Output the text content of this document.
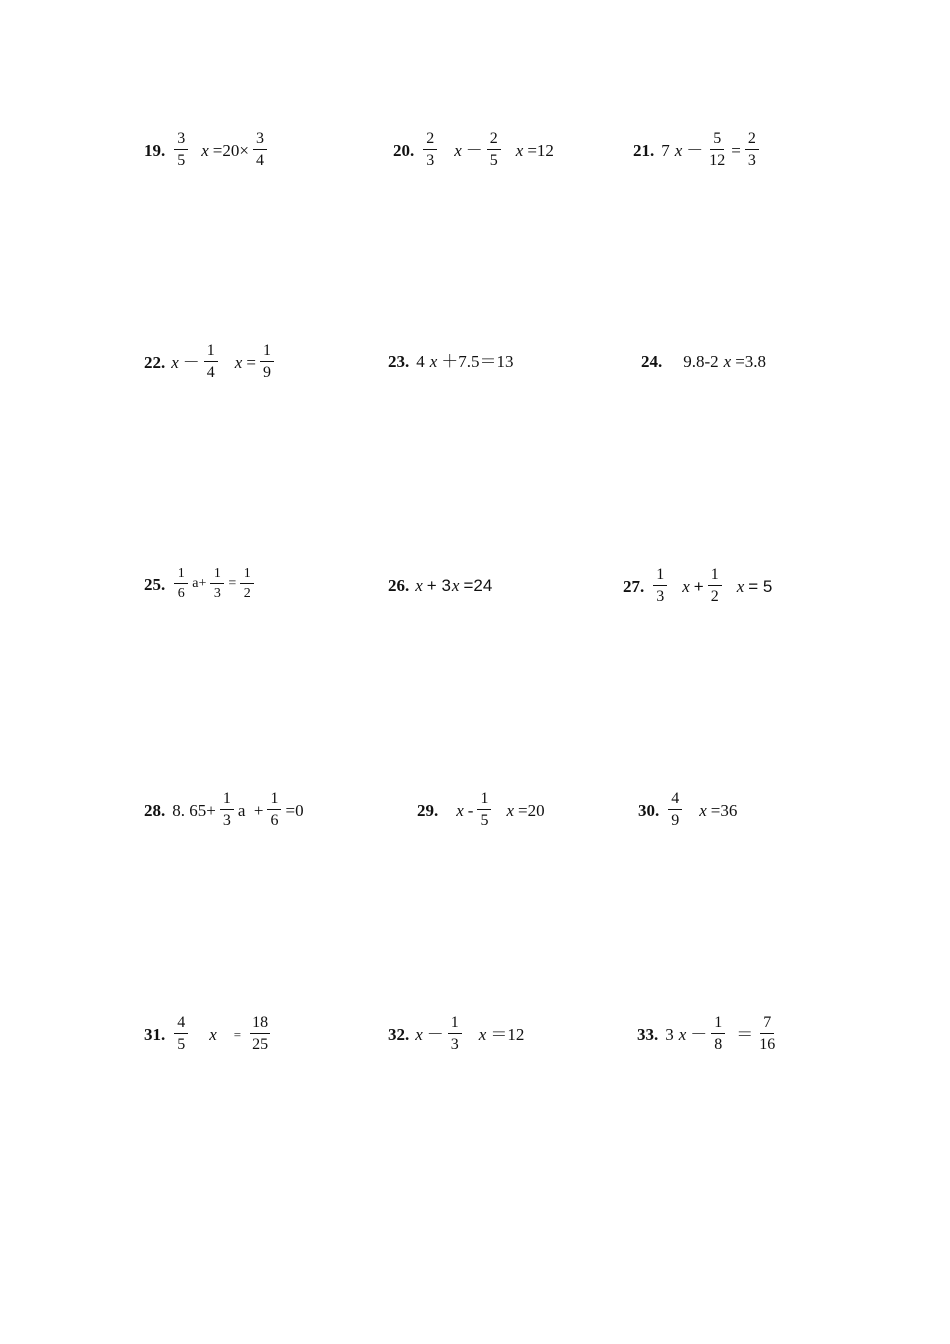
19. $\frac{3}{5}$ $x =20\times \frac{3}{4}$	20. $\frac{2}{3}$ $x - \frac{2}{5}$ x =12	21. 7 $x - \frac{5}{12} = \frac{2}{3}$
22. $x - \frac{1}{4}$ $x = \frac{1}{9}$	23. 4 x ＋7.5＝13	24. 9.8-2 x =3.8
25. $\frac{1}{6} a+ \frac{1}{3} = \frac{1}{2}$	26. x + 3 x =24	27. $\frac{1}{3}$ $x + \frac{1}{2}$ x = 5
28. 8. $65+ \frac{1}{3}$ $a + \frac{1}{6} =0$	29. x - $\frac{1}{5}$ x =20	30. $\frac{4}{9}$ x =36
31. $\frac{4}{5}$ $x = \frac{18}{25}$	32. $x - \frac{1}{3}$ x ＝12	33. 3 $x - \frac{1}{8} = \frac{7}{16}$
